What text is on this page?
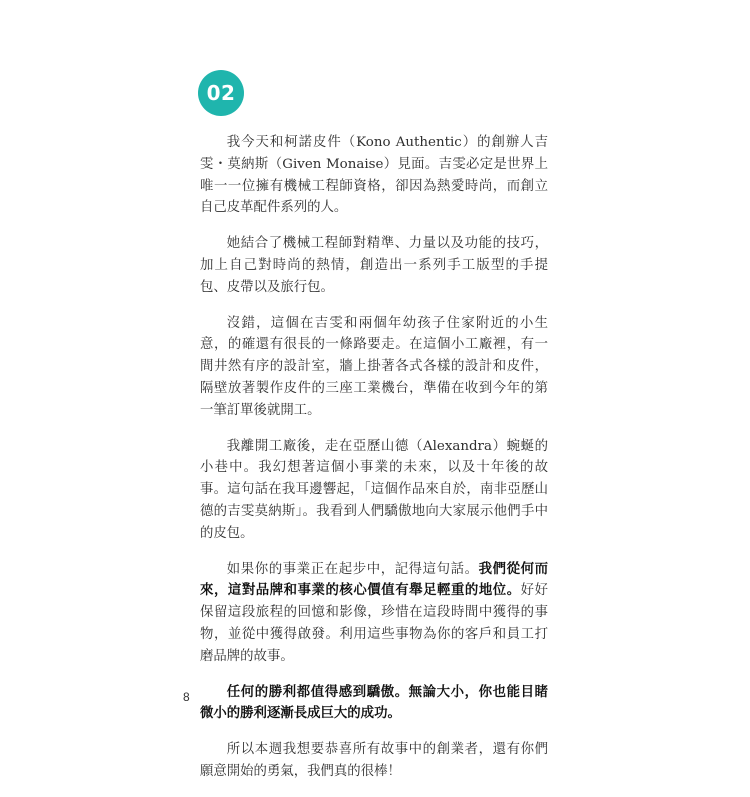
02

我今天和柯諾皮件（Kono Authentic）的創辦人吉雯・莫納斯（Given Monaise）見面。吉雯必定是世界上唯一一位擁有機械工程師資格，卻因為熱愛時尚，而創立自己皮革配件系列的人。

她結合了機械工程師對精準、力量以及功能的技巧，加上自己對時尚的熱情，創造出一系列手工版型的手提包、皮帶以及旅行包。

沒錯，這個在吉雯和兩個年幼孩子住家附近的小生意，的確還有很長的一條路要走。在這個小工廠裡，有一間井然有序的設計室，牆上掛著各式各樣的設計和皮件，隔壁放著製作皮件的三座工業機台，準備在收到今年的第一筆訂單後就開工。

我離開工廠後，走在亞歷山德（Alexandra）蜿蜒的小巷中。我幻想著這個小事業的未來，以及十年後的故事。這句話在我耳邊響起，「這個作品來自於，南非亞歷山德的吉雯莫納斯」。我看到人們驕傲地向大家展示他們手中的皮包。

如果你的事業正在起步中，記得這句話。我們從何而來，這對品牌和事業的核心價值有舉足輕重的地位。好好保留這段旅程的回憶和影像，珍惜在這段時間中獲得的事物，並從中獲得啟發。利用這些事物為你的客戶和員工打磨品牌的故事。

任何的勝利都值得感到驕傲。無論大小，你也能目睹微小的勝利逐漸長成巨大的成功。

所以本週我想要恭喜所有故事中的創業者，還有你們願意開始的勇氣，我們真的很棒！

8
